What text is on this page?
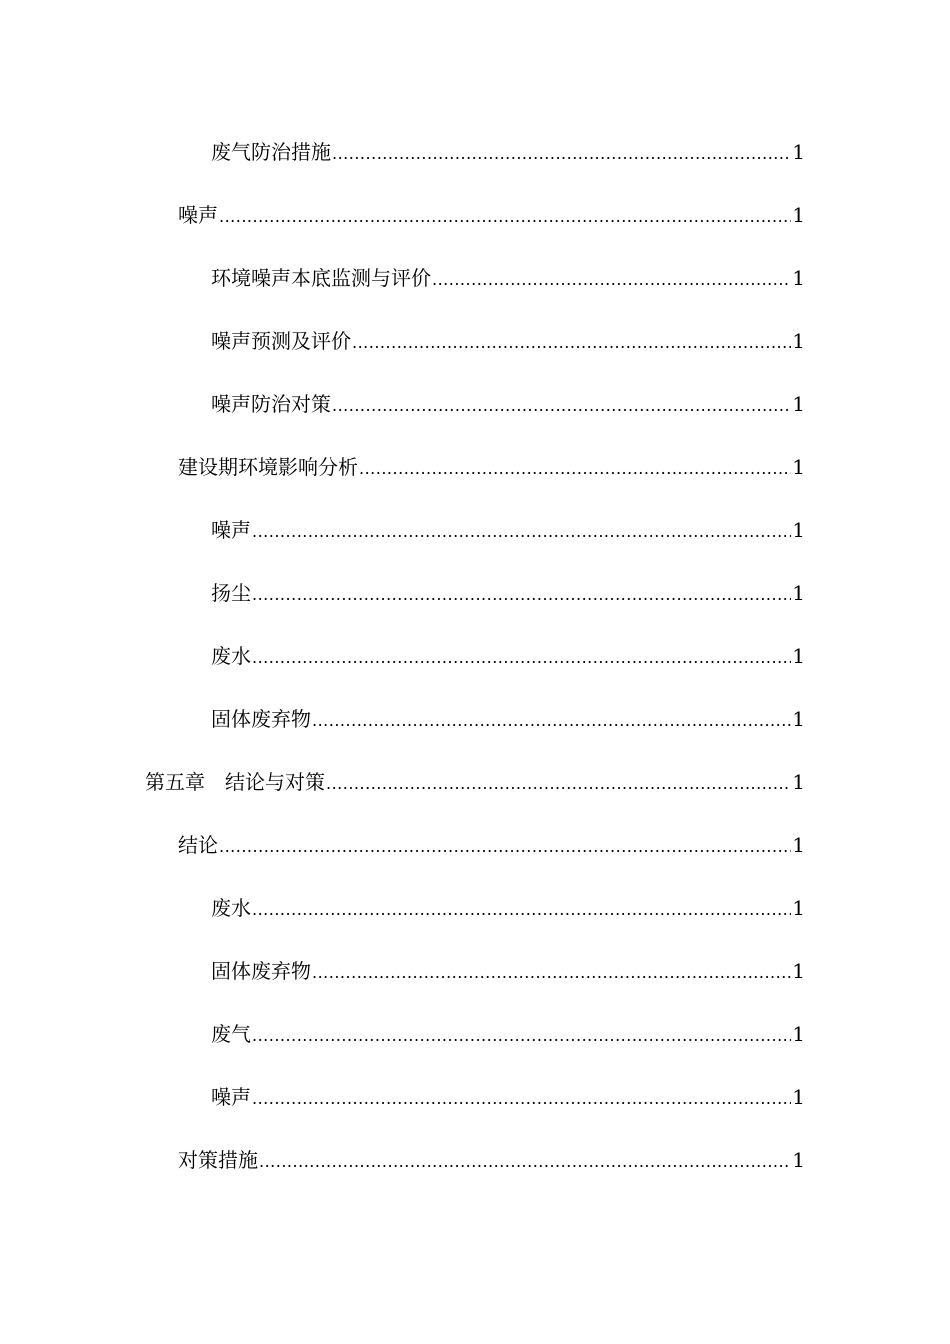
废气防治措施 .....	1
噪声 .....	1
环境噪声本底监测与评价 .....	1
噪声预测及评价 .....	1
噪声防治对策 .....	1
建设期环境影响分析 .....	1
噪声 .....	1
扬尘 .....	1
废水 .....	1
固体废弃物 .....	1
第五章　结论与对策 .....	1
结论 .....	1
废水 .....	1
固体废弃物 .....	1
废气 .....	1
噪声 .....	1
对策措施 .....	1
